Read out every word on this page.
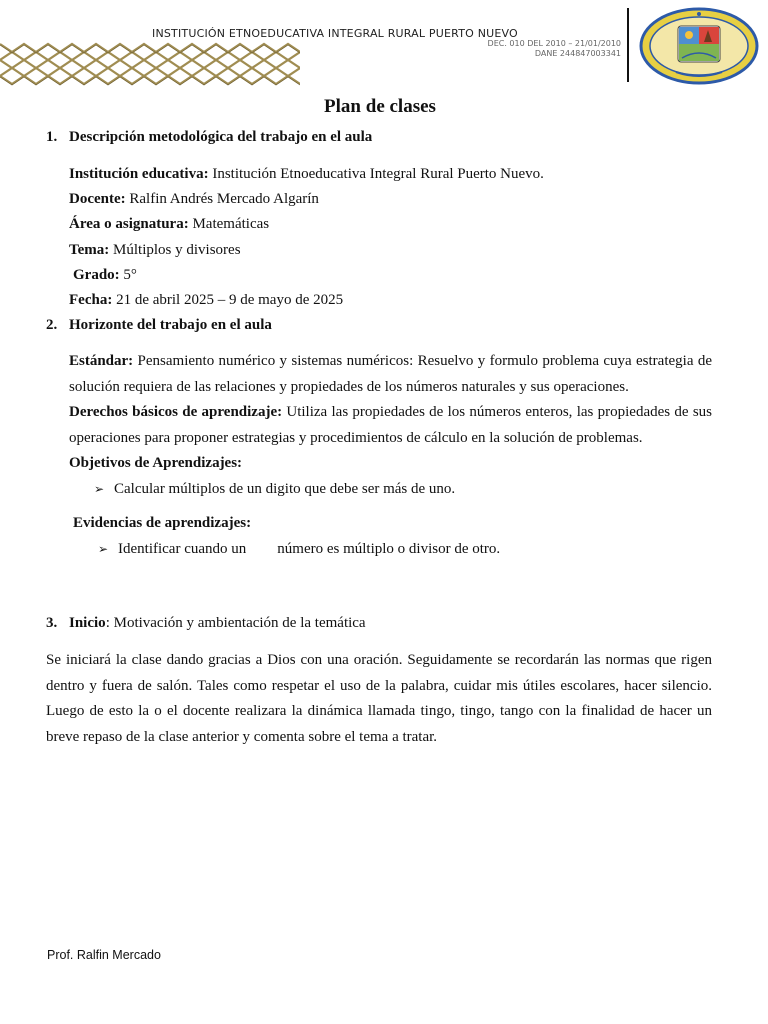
INSTITUCIÓN ETNOEDUCATIVA INTEGRAL RURAL PUERTO NUEVO
DEC. 010 DEL 2010 – 21/01/2010
DANE 244847003341
Plan de clases
1. Descripción metodológica del trabajo en el aula
Institución educativa: Institución Etnoeducativa Integral Rural Puerto Nuevo.
Docente: Ralfin Andrés Mercado Algarín
Área o asignatura: Matemáticas
Tema: Múltiplos y divisores
Grado: 5°
Fecha: 21 de abril 2025 – 9 de mayo de 2025
2. Horizonte del trabajo en el aula
Estándar: Pensamiento numérico y sistemas numéricos: Resuelvo y formulo problema cuya estrategia de solución requiera de las relaciones y propiedades de los números naturales y sus operaciones.
Derechos básicos de aprendizaje: Utiliza las propiedades de los números enteros, las propiedades de sus operaciones para proponer estrategias y procedimientos de cálculo en la solución de problemas.
Objetivos de Aprendizajes:
➢ Calcular múltiplos de un digito que debe ser más de uno.
Evidencias de aprendizajes:
➢ Identificar cuando un número es múltiplo o divisor de otro.
3. Inicio: Motivación y ambientación de la temática
Se iniciará la clase dando gracias a Dios con una oración. Seguidamente se recordarán las normas que rigen dentro y fuera de salón. Tales como respetar el uso de la palabra, cuidar mis útiles escolares, hacer silencio. Luego de esto la o el docente realizara la dinámica llamada tingo, tingo, tango con la finalidad de hacer un breve repaso de la clase anterior y comenta sobre el tema a tratar.
Prof. Ralfin Mercado
